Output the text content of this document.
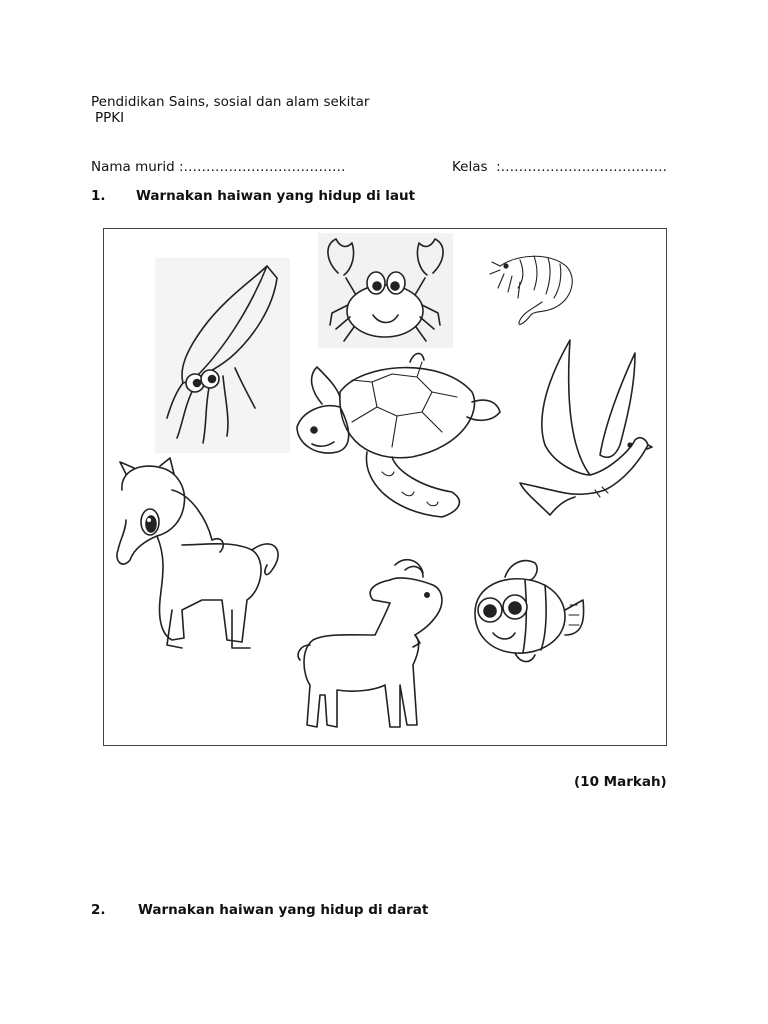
Pendidikan Sains, sosial dan alam sekitar
PPKI
Nama murid :………………………………	Kelas  :……………………………….
1. Warnakan haiwan yang hidup di laut
(10 Markah)
2. Warnakan haiwan yang hidup di darat
